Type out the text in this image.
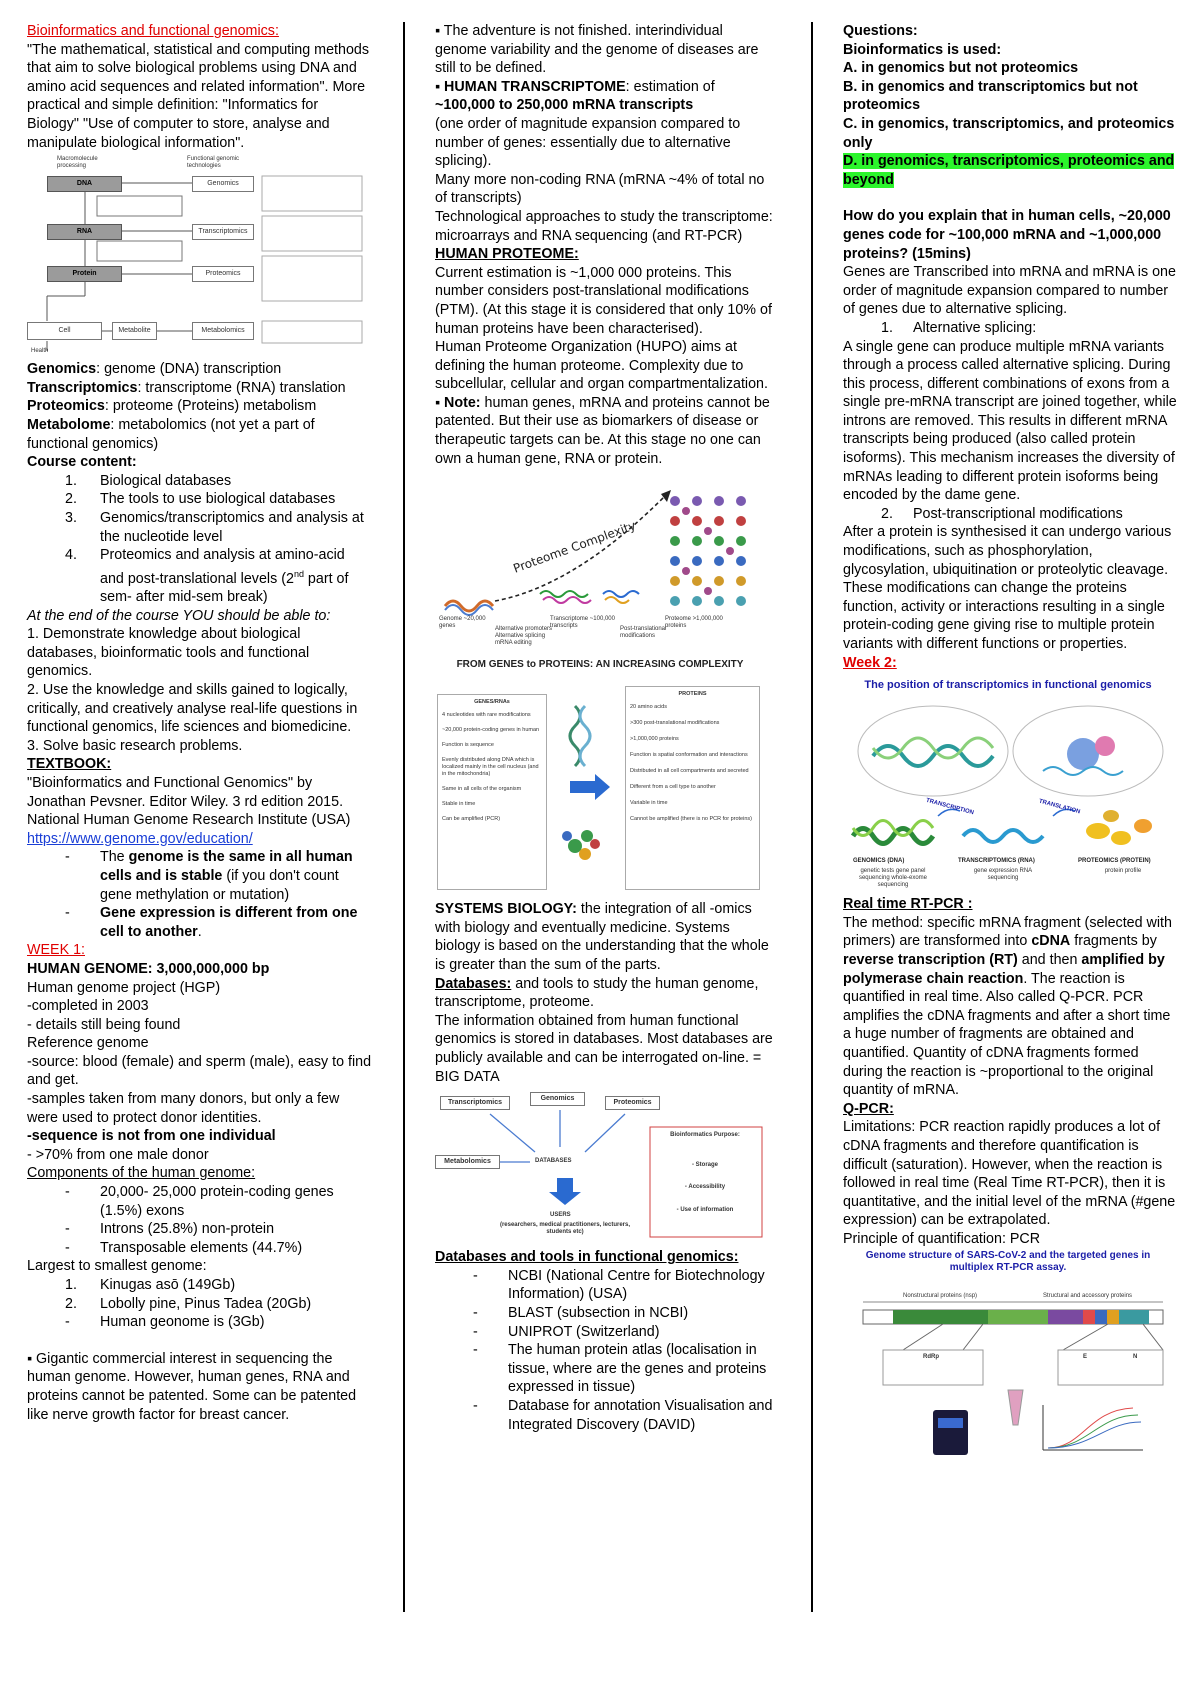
Bioinformatics and functional genomics:

"The mathematical, statistical and computing methods that aim to solve biological problems using DNA and amino acid sequences and related information". More practical and simple definition: "Informatics for Biology" "Use of computer to store, analyse and manipulate biological information".

Macromolecule processing
Functional genomic technologies
DNA
RNA
Protein
Cell	Metabolite
Genomics
Transcriptomics
Proteomics
Metabolomics
Health

Genomics: genome (DNA) transcription

Transcriptomics: transcriptome (RNA) translation

Proteomics: proteome (Proteins) metabolism

Metabolome: metabolomics (not yet a part of functional genomics)

Course content:

1. Biological databases
2. The tools to use biological databases
3. Genomics/transcriptomics and analysis at the nucleotide level
4. Proteomics and analysis at amino-acid and post-translational levels (2nd part of sem- after mid-sem break)

At the end of the course YOU should be able to:

1. Demonstrate knowledge about biological databases, bioinformatic tools and functional genomics.

2. Use the knowledge and skills gained to logically, critically, and creatively analyse real-life questions in functional genomics, life sciences and biomedicine.

3. Solve basic research problems.

TEXTBOOK:

"Bioinformatics and Functional Genomics" by Jonathan Pevsner. Editor Wiley. 3 rd edition 2015. National Human Genome Research Institute (USA)

https://www.genome.gov/education/

- The genome is the same in all human cells and is stable (if you don't count gene methylation or mutation)
- Gene expression is different from one cell to another.

WEEK 1:

HUMAN GENOME: 3,000,000,000 bp

Human genome project (HGP)

-completed in 2003

- details still being found

Reference genome

-source: blood (female) and sperm (male), easy to find and get.

-samples taken from many donors, but only a few were used to protect donor identities.

-sequence is not from one individual

- >70% from one male donor

Components of the human genome:

- 20,000- 25,000 protein-coding genes (1.5%) exons
- Introns (25.8%) non-protein
- Transposable elements (44.7%)

Largest to smallest genome:

1. Kinugas asō (149Gb)
2. Lobolly pine, Pinus Tadea (20Gb)
- Human geonome is (3Gb)

▪ Gigantic commercial interest in sequencing the human genome. However, human genes, RNA and proteins cannot be patented. Some can be patented like nerve growth factor for breast cancer.

▪ The adventure is not finished. interindividual genome variability and the genome of diseases are still to be defined.

▪ HUMAN TRANSCRIPTOME: estimation of

~100,000 to 250,000 mRNA transcripts

(one order of magnitude expansion compared to number of genes: essentially due to alternative splicing).

Many more non-coding RNA (mRNA ~4% of total no of transcripts)

Technological approaches to study the transcriptome: microarrays and RNA sequencing (and RT-PCR)

HUMAN PROTEOME:

Current estimation is ~1,000 000 proteins. This number considers post-translational modifications (PTM). (At this stage it is considered that only 10% of human proteins have been characterised).

Human Proteome Organization (HUPO) aims at defining the human proteome. Complexity due to subcellular, cellular and organ compartmentalization.

▪ Note: human genes, mRNA and proteins cannot be patented. But their use as biomarkers of disease or therapeutic targets can be. At this stage no one can own a human gene, RNA or protein.

Proteome Complexity
Genome ~20,000 genes
Transcriptome ~100,000 transcripts
Proteome >1,000,000 proteins
Alternative promoters Alternative splicing mRNA editing
Post-translational modifications
FROM GENES to PROTEINS: AN INCREASING COMPLEXITY
GENES/RNAs
4 nucleotides with rare modifications
~20,000 protein-coding genes in human
Function is sequence
Evenly distributed along DNA which is localized mainly in the cell nucleus (and in the mitochondria)
Same in all cells of the organism
Stable in time
Can be amplified (PCR)
PROTEINS
20 amino acids
>300 post-translational modifications
>1,000,000 proteins
Function is spatial conformation and interactions
Distributed in all cell compartments and secreted
Different from a cell type to another
Variable in time
Cannot be amplified (there is no PCR for proteins)

SYSTEMS BIOLOGY: the integration of all -omics with biology and eventually medicine. Systems biology is based on the understanding that the whole is greater than the sum of the parts.

Databases: and tools to study the human genome, transcriptome, proteome.

The information obtained from human functional genomics is stored in databases. Most databases are publicly available and can be interrogated on-line. = BIG DATA

Transcriptomics
Genomics
Proteomics
Metabolomics	DATABASES
USERS
(researchers, medical practitioners, lecturers, students etc)
Bioinformatics Purpose:
- Storage
- Accessibility
- Use of information

Databases and tools in functional genomics:

- NCBI (National Centre for Biotechnology Information) (USA)
- BLAST (subsection in NCBI)
- UNIPROT (Switzerland)
- The human protein atlas (localisation in tissue, where are the genes and proteins expressed in tissue)
- Database for annotation Visualisation and Integrated Discovery (DAVID)

Questions:

Bioinformatics is used:

A. in genomics but not proteomics

B. in genomics and transcriptomics but not proteomics

C. in genomics, transcriptomics, and proteomics only

D. in genomics, transcriptomics, proteomics and beyond

How do you explain that in human cells, ~20,000 genes code for ~100,000 mRNA and ~1,000,000 proteins? (15mins)

Genes are Transcribed into mRNA and mRNA is one order of magnitude expansion compared to number of genes due to alternative splicing.

1. Alternative splicing:

A single gene can produce multiple mRNA variants through a process called alternative splicing. During this process, different combinations of exons from a single pre-mRNA transcript are joined together, while introns are removed. This results in different mRNA transcripts being produced (also called protein isoforms). This mechanism increases the diversity of mRNAs leading to different protein isoforms being encoded by the dame gene.

2. Post-transcriptional modifications

After a protein is synthesised it can undergo various modifications, such as phosphorylation, glycosylation, ubiquitination or proteolytic cleavage. These modifications can change the proteins function, activity or interactions resulting in a single protein-coding gene giving rise to multiple protein variants with different functions or properties.

Week 2:

The position of transcriptomics in functional genomics
TRANSCRIPTION	TRANSLATION
GENOMICS (DNA)	TRANSCRIPTOMICS (RNA)	PROTEOMICS (PROTEIN)
genetic tests gene panel sequencing whole-exome sequencing
gene expression RNA sequencing
protein profile

Real time RT-PCR :

The method: specific mRNA fragment (selected with primers) are transformed into cDNA fragments by reverse transcription (RT) and then amplified by polymerase chain reaction. The reaction is quantified in real time. Also called Q-PCR. PCR amplifies the cDNA fragments and after a short time a huge number of fragments are obtained and quantified. Quantity of cDNA fragments formed during the reaction is ~proportional to the original quantity of mRNA.

Q-PCR:

Limitations: PCR reaction rapidly produces a lot of cDNA fragments and therefore quantification is difficult (saturation). However, when the reaction is followed in real time (Real Time RT-PCR), then it is quantitative, and the initial level of the mRNA (#gene expression) can be extrapolated.

Principle of quantification: PCR

Genome structure of SARS-CoV-2 and the targeted genes in multiplex RT-PCR assay.
Nonstructural proteins (nsp)	Structural and accessory proteins
RdRp	E	N
